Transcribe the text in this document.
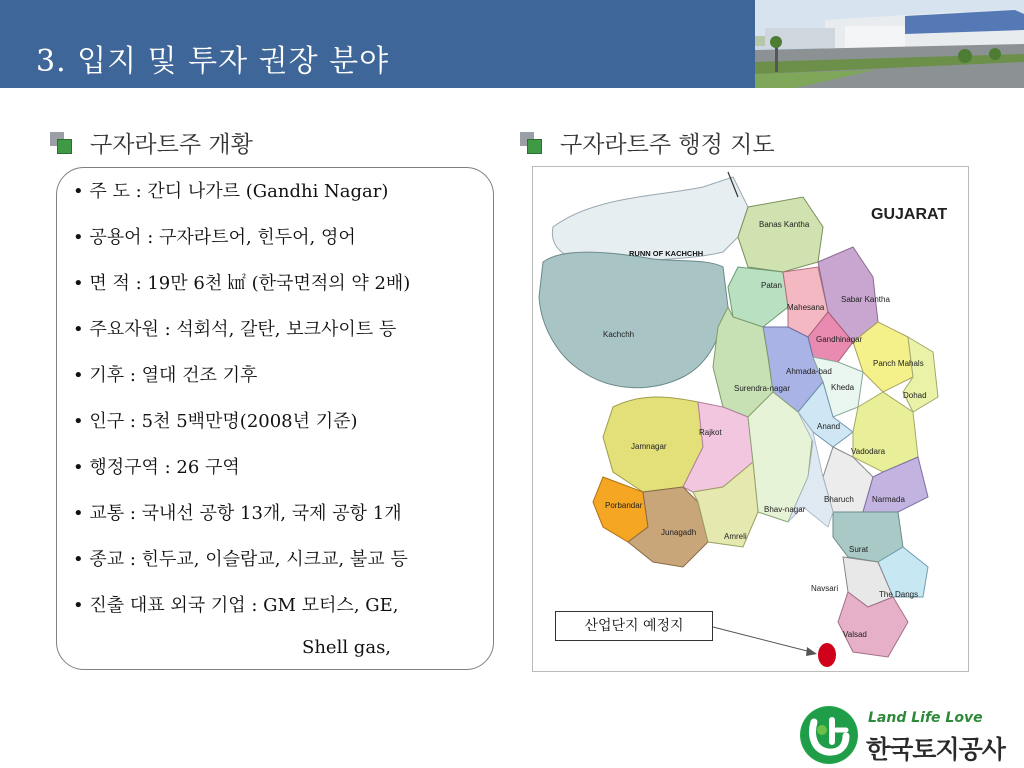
3. 입지 및 투자 권장 분야
구자라트주 개황
• 주 도 : 간디 나가르 (Gandhi Nagar)
• 공용어 : 구자라트어, 힌두어, 영어
• 면 적 : 19만 6천 ㎢ (한국면적의 약 2배)
• 주요자원 : 석회석, 갈탄, 보크사이트 등
• 기후 : 열대 건조 기후
• 인구 : 5천 5백만명(2008년 기준)
• 행정구역 : 26 구역
• 교통 : 국내선 공항 13개, 국제 공항 1개
• 종교 : 힌두교, 이슬람교, 시크교, 불교 등
• 진출 대표 외국 기업 : GM 모터스, GE,
Shell gas,
구자라트주 행정 지도
GUJARAT
RUNN OF KACHCHH
Banas Kantha
Patan
Mahesana
Sabar Kantha
Gandhinagar
Kachchh
Panch Mahals
Ahmada-bad
Kheda
Dohad
Surendra-nagar
Anand
Vadodara
Jamnagar
Rajkot
Bharuch Narmada
Porbandar	Bhav-nagar
Junagadh	Amreli
Surat
Navsari
The Dangs
Valsad
산업단지 예정지
Land Life Love
한국토지공사
